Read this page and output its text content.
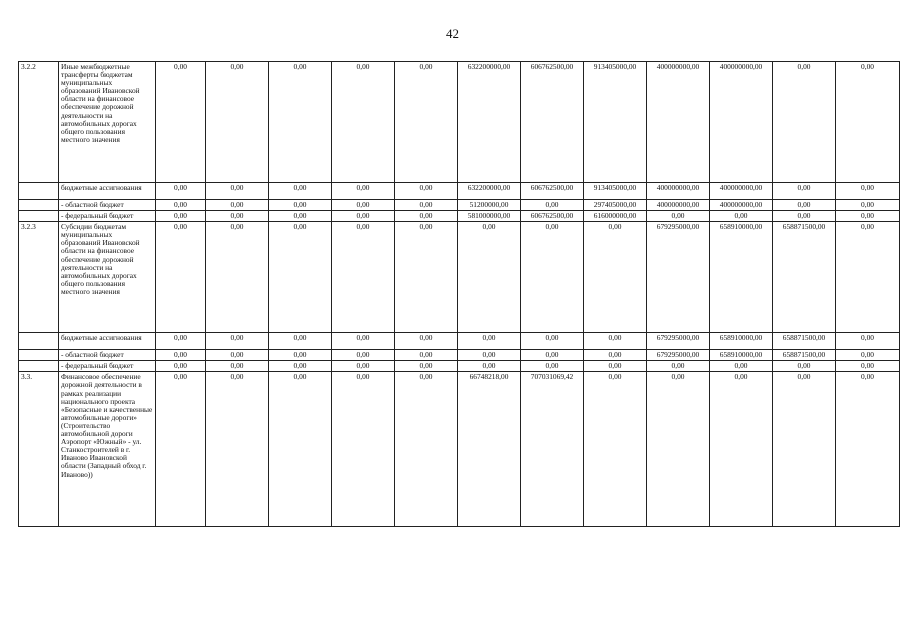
42
3.2.2	Иные межбюджетные трансферты бюджетам муниципальных образований Ивановской области на финансовое обеспечение дорожной деятельности на автомобильных дорогах общего пользования местного значения	0,00	0,00	0,00	0,00	0,00	632200000,00	606762500,00	913405000,00	400000000,00	400000000,00	0,00	0,00
	бюджетные ассигнования	0,00	0,00	0,00	0,00	0,00	632200000,00	606762500,00	913405000,00	400000000,00	400000000,00	0,00	0,00
	- областной бюджет	0,00	0,00	0,00	0,00	0,00	51200000,00	0,00	297405000,00	400000000,00	400000000,00	0,00	0,00
	- федеральный бюджет	0,00	0,00	0,00	0,00	0,00	581000000,00	606762500,00	616000000,00	0,00	0,00	0,00	0,00
3.2.3	Субсидии бюджетам муниципальных образований Ивановской области на финансовое обеспечение дорожной деятельности на автомобильных дорогах общего пользования местного значения	0,00	0,00	0,00	0,00	0,00	0,00	0,00	0,00	679295000,00	658910000,00	658871500,00	0,00
	бюджетные ассигнования	0,00	0,00	0,00	0,00	0,00	0,00	0,00	0,00	679295000,00	658910000,00	658871500,00	0,00
	- областной бюджет	0,00	0,00	0,00	0,00	0,00	0,00	0,00	0,00	679295000,00	658910000,00	658871500,00	0,00
	- федеральный бюджет	0,00	0,00	0,00	0,00	0,00	0,00	0,00	0,00	0,00	0,00	0,00	0,00
3.3.	Финансовое обеспечение дорожной деятельности в рамках реализации национального проекта «Безопасные и качественные автомобильные дороги» (Строительство автомобильной дороги Аэропорт «Южный» - ул. Станкостроителей в г. Иваново Ивановской области (Западный обход г. Иваново))	0,00	0,00	0,00	0,00	0,00	66748218,00	707031069,42	0,00	0,00	0,00	0,00	0,00
